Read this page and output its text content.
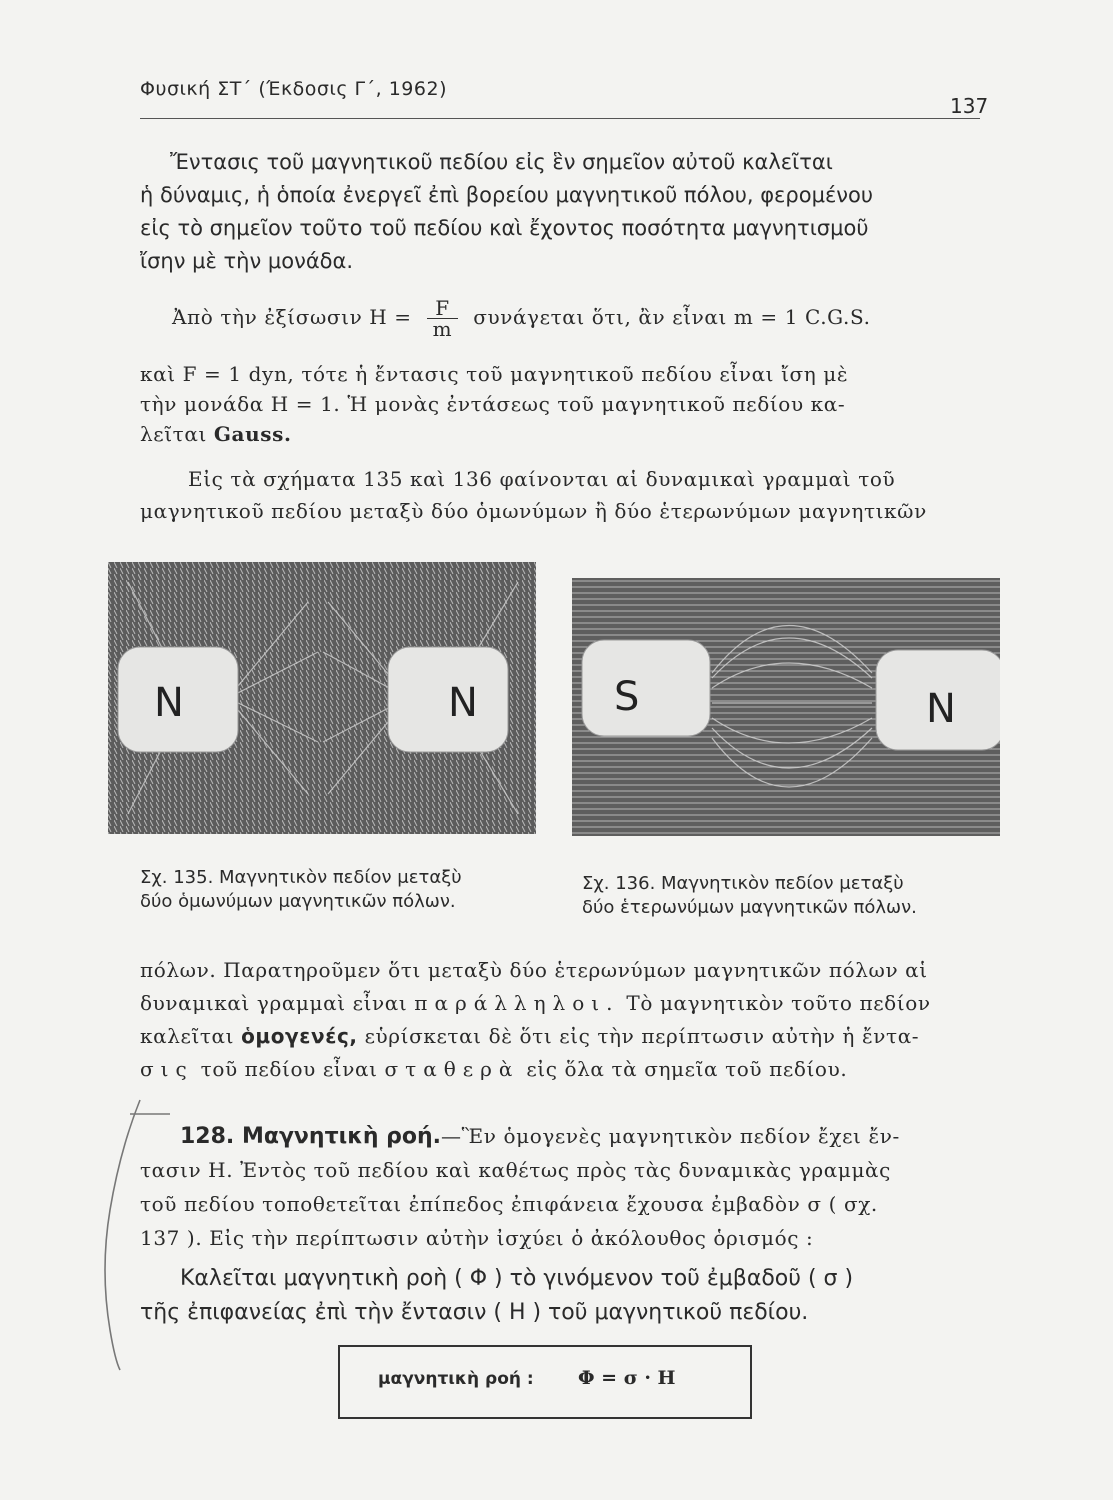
Φυσική ΣΤ΄ (Έκδοσις Γ΄, 1962)
137
Ἔντασις τοῦ μαγνητικοῦ πεδίου εἰς ἓν σημεῖον αὐτοῦ καλεῖται
ἡ δύναμις, ἡ ὁποία ἐνεργεῖ ἐπὶ βορείου μαγνητικοῦ πόλου, φερομένου
εἰς τὸ σημεῖον τοῦτο τοῦ πεδίου καὶ ἔχοντος ποσότητα μαγνητισμοῦ
ἴσην μὲ τὴν μονάδα.
Ἀπὸ τὴν ἐξίσωσιν $H = \frac{F}{m}$ συνάγεται ὅτι, ἂν εἶναι m = 1 C.G.S.
καὶ F = 1 dyn, τότε ἡ ἔντασις τοῦ μαγνητικοῦ πεδίου εἶναι ἴση μὲ
τὴν μονάδα H = 1. Ἡ μονὰς ἐντάσεως τοῦ μαγνητικοῦ πεδίου κα-
λεῖται Gauss.
Εἰς τὰ σχήματα 135 καὶ 136 φαίνονται αἱ δυναμικαὶ γραμμαὶ τοῦ
μαγνητικοῦ πεδίου μεταξὺ δύο ὁμωνύμων ἢ δύο ἑτερωνύμων μαγνητικῶν
N	N	S	N
Σχ. 135. Μαγνητικὸν πεδίον μεταξὺ
δύο ὁμωνύμων μαγνητικῶν πόλων.
Σχ. 136. Μαγνητικὸν πεδίον μεταξὺ
δύο ἑτερωνύμων μαγνητικῶν πόλων.
πόλων. Παρατηροῦμεν ὅτι μεταξὺ δύο ἑτερωνύμων μαγνητικῶν πόλων αἱ
δυναμικαὶ γραμμαὶ εἶναι παράλληλοι. Τὸ μαγνητικὸν τοῦτο πεδίον
καλεῖται ὁμογενές, εὑρίσκεται δὲ ὅτι εἰς τὴν περίπτωσιν αὐτὴν ἡ ἔντα-
σις τοῦ πεδίου εἶναι σταθερὰ εἰς ὅλα τὰ σημεῖα τοῦ πεδίου.
128. Μαγνητικὴ ροή.—Ἓν ὁμογενὲς μαγνητικὸν πεδίον ἔχει ἔν-
τασιν H. Ἐντὸς τοῦ πεδίου καὶ καθέτως πρὸς τὰς δυναμικὰς γραμμὰς
τοῦ πεδίου τοποθετεῖται ἐπίπεδος ἐπιφάνεια ἔχουσα ἐμβαδὸν σ ( σχ.
137 ). Εἰς τὴν περίπτωσιν αὐτὴν ἰσχύει ὁ ἀκόλουθος ὁρισμός :
Καλεῖται μαγνητικὴ ροὴ ( Φ ) τὸ γινόμενον τοῦ ἐμβαδοῦ ( σ )
τῆς ἐπιφανείας ἐπὶ τὴν ἔντασιν ( H ) τοῦ μαγνητικοῦ πεδίου.
μαγνητικὴ ροή : Φ = σ · H
